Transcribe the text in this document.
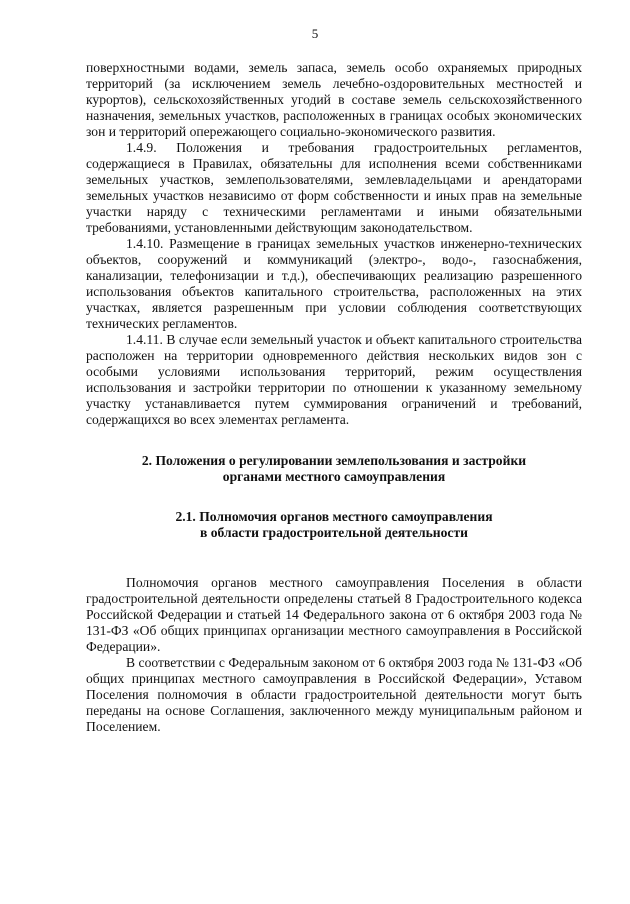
5

поверхностными водами, земель запаса, земель особо охраняемых природных территорий (за исключением земель лечебно-оздоровительных местностей и курортов), сельскохозяйственных угодий в составе земель сельскохозяйственного назначения, земельных участков, расположенных в границах особых экономических зон и территорий опережающего социально-экономического развития.

1.4.9. Положения и требования градостроительных регламентов, содержащиеся в Правилах, обязательны для исполнения всеми собственниками земельных участков, землепользователями, землевладельцами и арендаторами земельных участков независимо от форм собственности и иных прав на земельные участки наряду с техническими регламентами и иными обязательными требованиями, установленными действующим законодательством.

1.4.10. Размещение в границах земельных участков инженерно-технических объектов, сооружений и коммуникаций (электро-, водо-, газоснабжения, канализации, телефонизации и т.д.), обеспечивающих реализацию разрешенного использования объектов капитального строительства, расположенных на этих участках, является разрешенным при условии соблюдения соответствующих технических регламентов.

1.4.11. В случае если земельный участок и объект капитального строительства расположен на территории одновременного действия нескольких видов зон с особыми условиями использования территорий, режим осуществления использования и застройки территории по отношении к указанному земельному участку устанавливается путем суммирования ограничений и требований, содержащихся во всех элементах регламента.

2. Положения о регулировании землепользования и застройки
органами местного самоуправления
2.1. Полномочия органов местного самоуправления
в области градостроительной деятельности

Полномочия органов местного самоуправления Поселения в области градостроительной деятельности определены статьей 8 Градостроительного кодекса Российской Федерации и статьей 14 Федерального закона от 6 октября 2003 года № 131-ФЗ «Об общих принципах организации местного самоуправления в Российской Федерации».

В соответствии с Федеральным законом от 6 октября 2003 года № 131-ФЗ «Об общих принципах местного самоуправления в Российской Федерации», Уставом Поселения полномочия в области градостроительной деятельности могут быть переданы на основе Соглашения, заключенного между муниципальным районом и Поселением.
